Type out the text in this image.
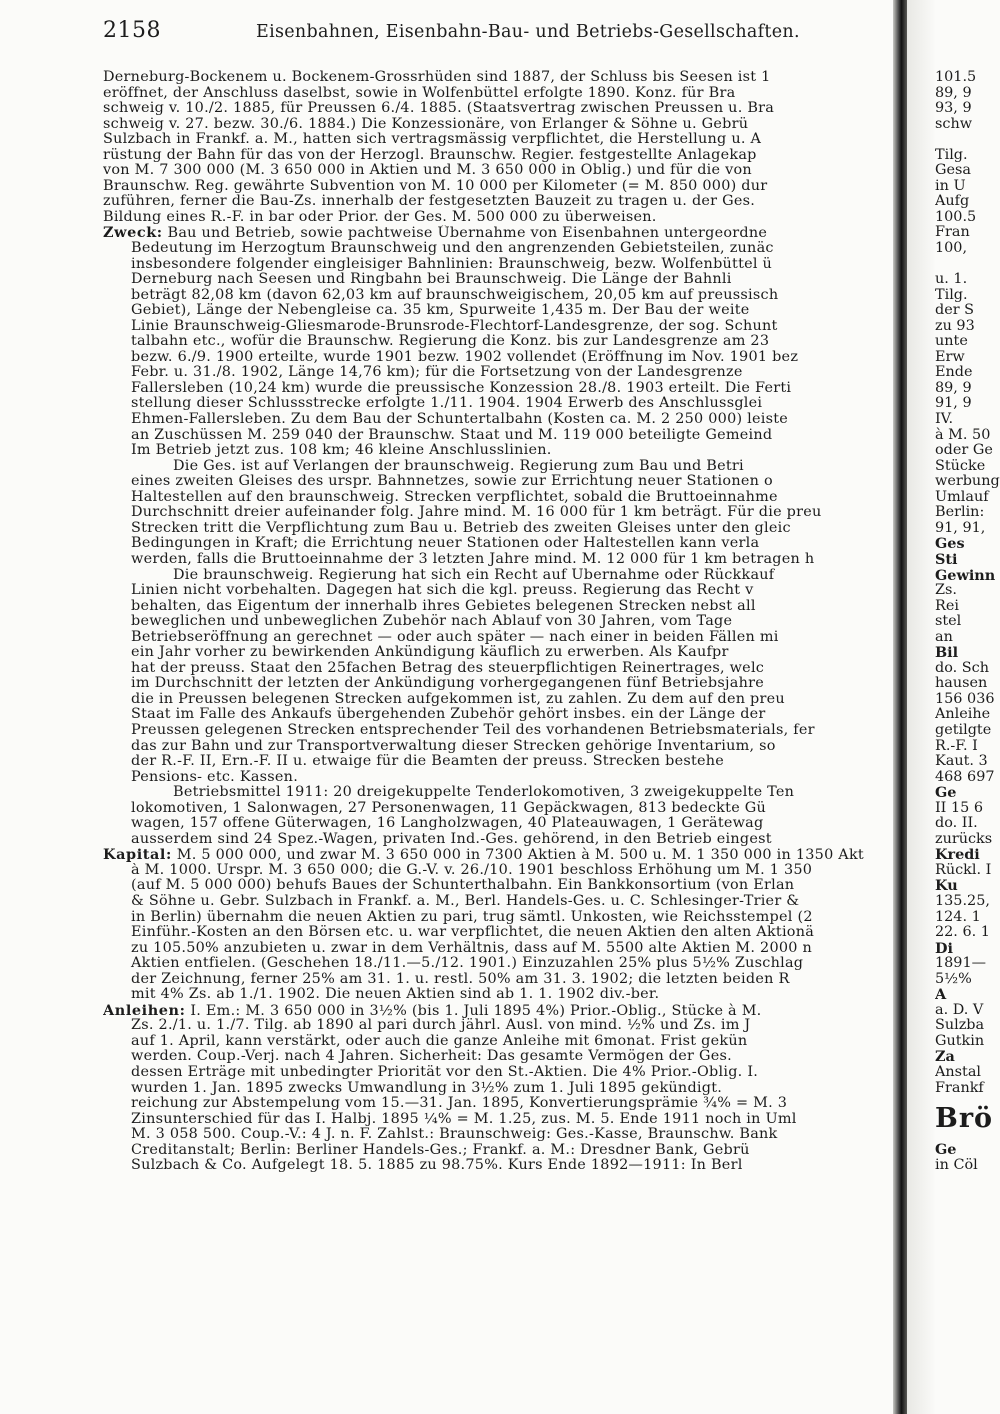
2158	Eisenbahnen, Eisenbahn-Bau- und Betriebs-Gesellschaften.
Derneburg-Bockenem u. Bockenem-Grossrhüden sind 1887, der Schluss bis Seesen ist 1
eröffnet, der Anschluss daselbst, sowie in Wolfenbüttel erfolgte 1890. Konz. für Bra
schweig v. 10./2. 1885, für Preussen 6./4. 1885. (Staatsvertrag zwischen Preussen u. Bra
schweig v. 27. bezw. 30./6. 1884.) Die Konzessionäre, von Erlanger & Söhne u. Gebrü
Sulzbach in Frankf. a. M., hatten sich vertragsmässig verpflichtet, die Herstellung u. A
rüstung der Bahn für das von der Herzogl. Braunschw. Regier. festgestellte Anlagekap
von M. 7 300 000 (M. 3 650 000 in Aktien und M. 3 650 000 in Oblig.) und für die von
Braunschw. Reg. gewährte Subvention von M. 10 000 per Kilometer (= M. 850 000) dur
zuführen, ferner die Bau-Zs. innerhalb der festgesetzten Bauzeit zu tragen u. der Ges.
Bildung eines R.-F. in bar oder Prior. der Ges. M. 500 000 zu überweisen.
Zweck: Bau und Betrieb, sowie pachtweise Übernahme von Eisenbahnen untergeordne
Bedeutung im Herzogtum Braunschweig und den angrenzenden Gebietsteilen, zunäc
insbesondere folgender eingleisiger Bahnlinien: Braunschweig, bezw. Wolfenbüttel ü
Derneburg nach Seesen und Ringbahn bei Braunschweig. Die Länge der Bahnli
beträgt 82,08 km (davon 62,03 km auf braunschweigischem, 20,05 km auf preussisch
Gebiet), Länge der Nebengleise ca. 35 km, Spurweite 1,435 m. Der Bau der weite
Linie Braunschweig-Gliesmarode-Brunsrode-Flechtorf-Landesgrenze, der sog. Schunt
talbahn etc., wofür die Braunschw. Regierung die Konz. bis zur Landesgrenze am 23
bezw. 6./9. 1900 erteilte, wurde 1901 bezw. 1902 vollendet (Eröffnung im Nov. 1901 bez
Febr. u. 31./8. 1902, Länge 14,76 km); für die Fortsetzung von der Landesgrenze
Fallersleben (10,24 km) wurde die preussische Konzession 28./8. 1903 erteilt. Die Ferti
stellung dieser Schlussstrecke erfolgte 1./11. 1904. 1904 Erwerb des Anschlussglei
Ehmen-Fallersleben. Zu dem Bau der Schuntertalbahn (Kosten ca. M. 2 250 000) leiste
an Zuschüssen M. 259 040 der Braunschw. Staat und M. 119 000 beteiligte Gemeind
Im Betrieb jetzt zus. 108 km; 46 kleine Anschlusslinien.
Die Ges. ist auf Verlangen der braunschweig. Regierung zum Bau und Betri
eines zweiten Gleises des urspr. Bahnnetzes, sowie zur Errichtung neuer Stationen o
Haltestellen auf den braunschweig. Strecken verpflichtet, sobald die Bruttoeinnahme
Durchschnitt dreier aufeinander folg. Jahre mind. M. 16 000 für 1 km beträgt. Für die preu
Strecken tritt die Verpflichtung zum Bau u. Betrieb des zweiten Gleises unter den gleic
Bedingungen in Kraft; die Errichtung neuer Stationen oder Haltestellen kann verla
werden, falls die Bruttoeinnahme der 3 letzten Jahre mind. M. 12 000 für 1 km betragen h
Die braunschweig. Regierung hat sich ein Recht auf Übernahme oder Rückkauf
Linien nicht vorbehalten. Dagegen hat sich die kgl. preuss. Regierung das Recht v
behalten, das Eigentum der innerhalb ihres Gebietes belegenen Strecken nebst all
beweglichen und unbeweglichen Zubehör nach Ablauf von 30 Jahren, vom Tage
Betriebseröffnung an gerechnet — oder auch später — nach einer in beiden Fällen mi
ein Jahr vorher zu bewirkenden Ankündigung käuflich zu erwerben. Als Kaufpr
hat der preuss. Staat den 25fachen Betrag des steuerpflichtigen Reinertrages, welc
im Durchschnitt der letzten der Ankündigung vorhergegangenen fünf Betriebsjahre
die in Preussen belegenen Strecken aufgekommen ist, zu zahlen. Zu dem auf den preu
Staat im Falle des Ankaufs übergehenden Zubehör gehört insbes. ein der Länge der
Preussen gelegenen Strecken entsprechender Teil des vorhandenen Betriebsmaterials, fer
das zur Bahn und zur Transportverwaltung dieser Strecken gehörige Inventarium, so
der R.-F. II, Ern.-F. II u. etwaige für die Beamten der preuss. Strecken bestehe
Pensions- etc. Kassen.
Betriebsmittel 1911: 20 dreigekuppelte Tenderlokomotiven, 3 zweigekuppelte Ten
lokomotiven, 1 Salonwagen, 27 Personenwagen, 11 Gepäckwagen, 813 bedeckte Gü
wagen, 157 offene Güterwagen, 16 Langholzwagen, 40 Plateauwagen, 1 Gerätewag
ausserdem sind 24 Spez.-Wagen, privaten Ind.-Ges. gehörend, in den Betrieb eingest
Kapital: M. 5 000 000, und zwar M. 3 650 000 in 7300 Aktien à M. 500 u. M. 1 350 000 in 1350 Akt
à M. 1000. Urspr. M. 3 650 000; die G.-V. v. 26./10. 1901 beschloss Erhöhung um M. 1 350
(auf M. 5 000 000) behufs Baues der Schunterthalbahn. Ein Bankkonsortium (von Erlan
& Söhne u. Gebr. Sulzbach in Frankf. a. M., Berl. Handels-Ges. u. C. Schlesinger-Trier &
in Berlin) übernahm die neuen Aktien zu pari, trug sämtl. Unkosten, wie Reichsstempel (2
Einführ.-Kosten an den Börsen etc. u. war verpflichtet, die neuen Aktien den alten Aktionä
zu 105.50% anzubieten u. zwar in dem Verhältnis, dass auf M. 5500 alte Aktien M. 2000 n
Aktien entfielen. (Geschehen 18./11.—5./12. 1901.) Einzuzahlen 25% plus 5½% Zuschlag
der Zeichnung, ferner 25% am 31. 1. u. restl. 50% am 31. 3. 1902; die letzten beiden R
mit 4% Zs. ab 1./1. 1902. Die neuen Aktien sind ab 1. 1. 1902 div.-ber.
Anleihen: I. Em.: M. 3 650 000 in 3½% (bis 1. Juli 1895 4%) Prior.-Oblig., Stücke à M.
Zs. 2./1. u. 1./7. Tilg. ab 1890 al pari durch jährl. Ausl. von mind. ½% und Zs. im J
auf 1. April, kann verstärkt, oder auch die ganze Anleihe mit 6monat. Frist gekün
werden. Coup.-Verj. nach 4 Jahren. Sicherheit: Das gesamte Vermögen der Ges.
dessen Erträge mit unbedingter Priorität vor den St.-Aktien. Die 4% Prior.-Oblig. I.
wurden 1. Jan. 1895 zwecks Umwandlung in 3½% zum 1. Juli 1895 gekündigt.
reichung zur Abstempelung vom 15.—31. Jan. 1895, Konvertierungsprämie ¾% = M. 3
Zinsunterschied für das I. Halbj. 1895 ¼% = M. 1.25, zus. M. 5. Ende 1911 noch in Uml
M. 3 058 500. Coup.-V.: 4 J. n. F. Zahlst.: Braunschweig: Ges.-Kasse, Braunschw. Bank
Creditanstalt; Berlin: Berliner Handels-Ges.; Frankf. a. M.: Dresdner Bank, Gebrü
Sulzbach & Co. Aufgelegt 18. 5. 1885 zu 98.75%. Kurs Ende 1892—1911: In Berl
101.5
89, 9
93, 9
schw
Tilg.
Gesa
in U
Aufg
100.5
Fran
100,
u. 1.
Tilg.
der S
zu 93
unte
Erw
Ende
89, 9
91, 9
IV.
à M. 50
oder Ge
Stücke
werbung
Umlauf
Berlin:
91, 91,
Ges
Sti
Gewinn
Zs.
Rei
stel
an
Bil
do. Sch
hausen
156 036
Anleihe
getilgte
R.-F. I
Kaut. 3
468 697
Ge
II 15 6
do. II.
zurücks
Kredi
Rückl. I
Ku
135.25,
124. 1
22. 6. 1
Di
1891—
5½%
A
a. D. V
Sulzba
Gutkin
Za
Anstal
Frankf
Brö
Ge
in Cöl
